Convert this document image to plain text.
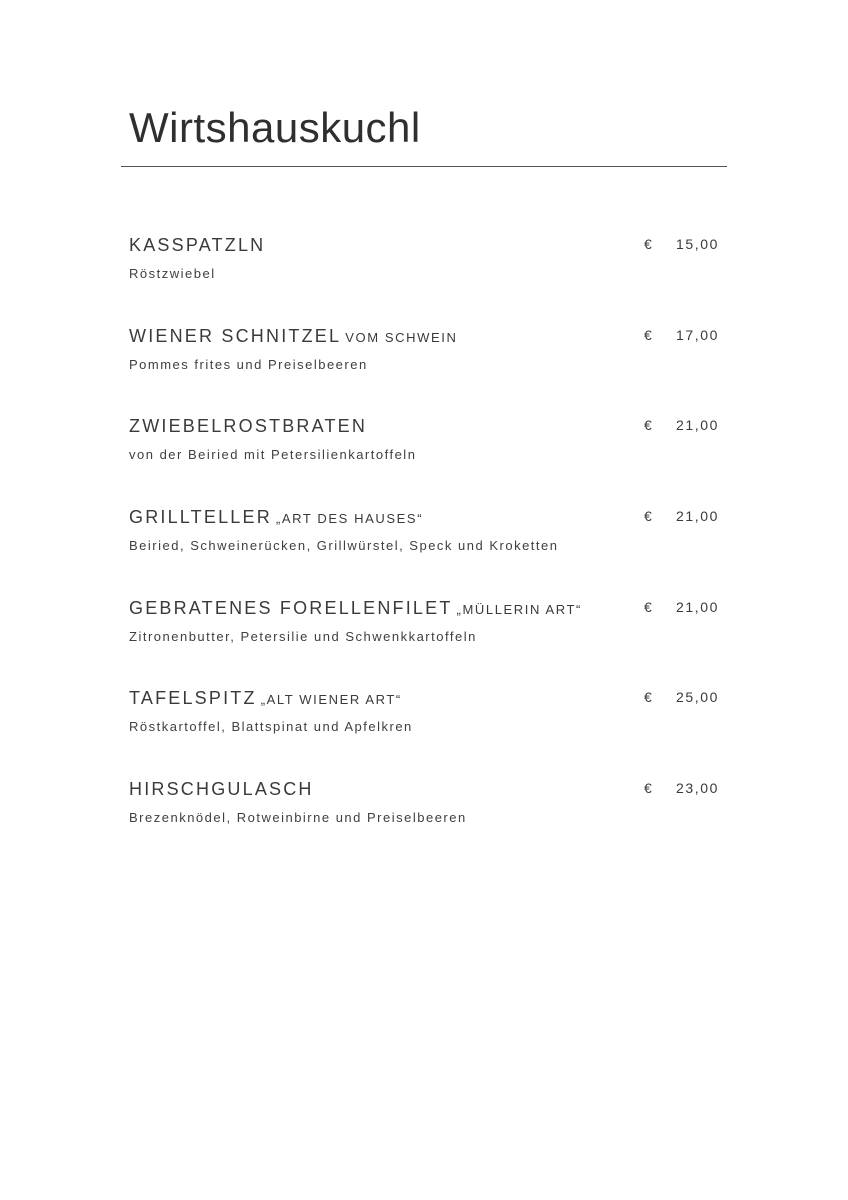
Wirtshauskuchl
KASSPATZLN
Röstzwiebel
€ 15,00
WIENER SCHNITZEL VOM SCHWEIN
Pommes frites und Preiselbeeren
€ 17,00
ZWIEBELROSTBRATEN
von der Beiried mit Petersilienkartoffeln
€ 21,00
GRILLTELLER „ART DES HAUSES“
Beiried, Schweinerücken, Grillwürstel, Speck und Kroketten
€ 21,00
GEBRATENES FORELLENFILET „MÜLLERIN ART“
Zitronenbutter, Petersilie und Schwenkkartoffeln
€ 21,00
TAFELSPITZ „ALT WIENER ART“
Röstkartoffel, Blattspinat und Apfelkren
€ 25,00
HIRSCHGULASCH
Brezenknödel, Rotweinbirne und Preiselbeeren
€ 23,00
